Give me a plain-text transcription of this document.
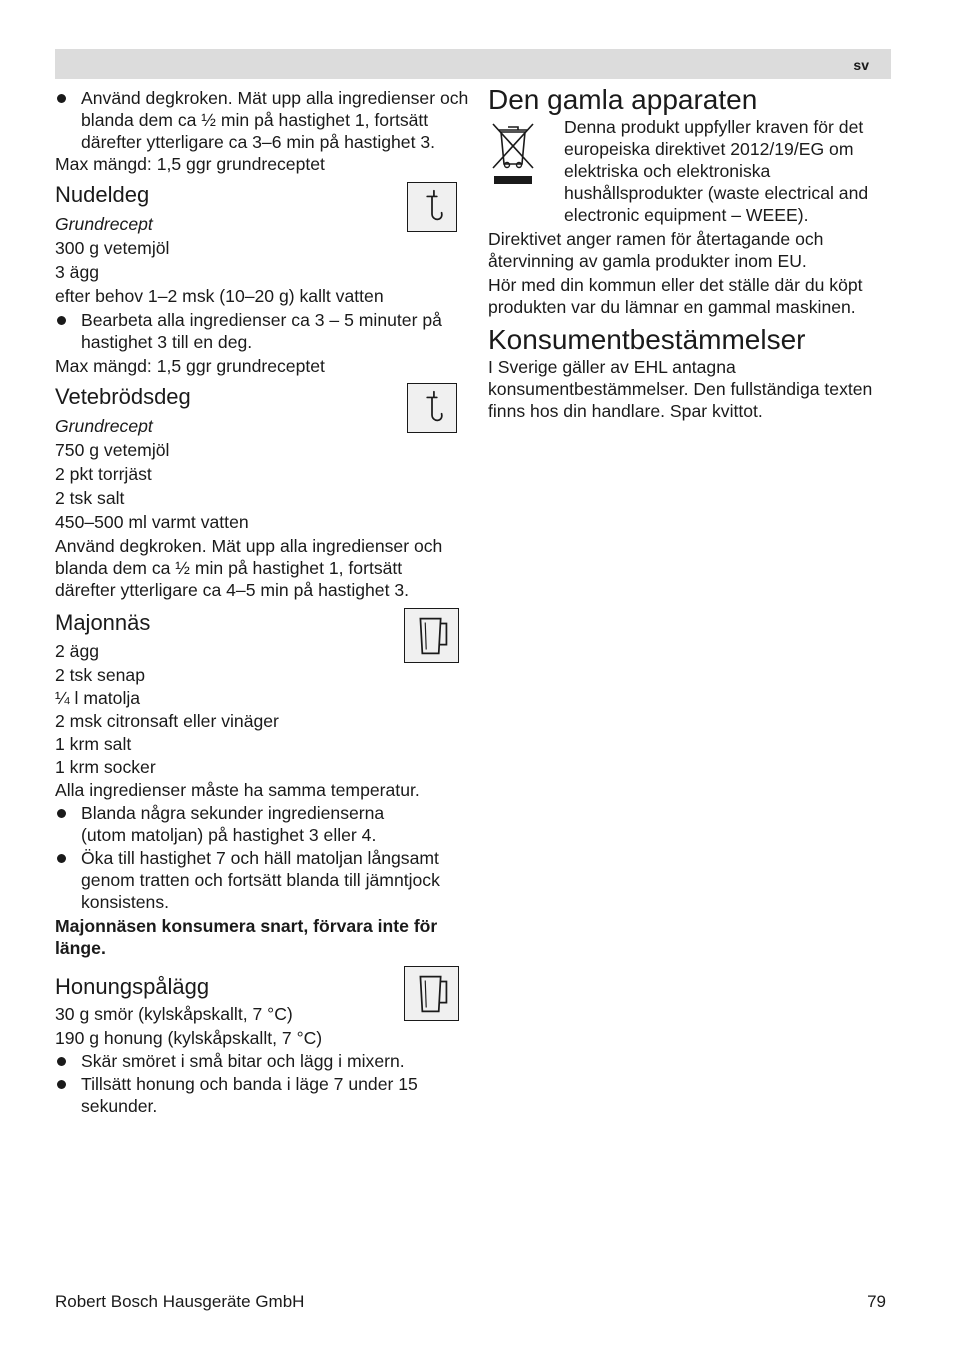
sv
Använd degkroken. Mät upp alla ingredienser och blanda dem ca ½ min på hastighet 1, fortsätt därefter ytterligare ca 3–6 min på hastighet 3.

Max mängd: 1,5 ggr grundreceptet

Nudeldeg

Grundrecept

300 g vetemjöl

3 ägg

efter behov 1–2 msk (10–20 g) kallt vatten

Bearbeta alla ingredienser ca 3 – 5 minuter på hastighet 3 till en deg.

Max mängd: 1,5 ggr grundreceptet

Vetebrödsdeg

Grundrecept

750 g vetemjöl

2 pkt torrjäst

2 tsk salt

450–500 ml varmt vatten

Använd degkroken. Mät upp alla ingredienser och blanda dem ca ½ min på hastighet 1, fortsätt därefter ytterligare ca 4–5 min på hastighet 3.

Majonnäs

2 ägg

2 tsk senap

¼ l matolja

2 msk citronsaft eller vinäger

1 krm salt

1 krm socker

Alla ingredienser måste ha samma temperatur.

Blanda några sekunder ingredienserna (utom matoljan) på hastighet 3 eller 4.
Öka till hastighet 7 och häll matoljan långsamt genom tratten och fortsätt blanda till jämntjock konsistens.

Majonnäsen konsumera snart, förvara inte för länge.

Honungspålägg

30 g smör (kylskåpskallt, 7 °C)

190 g honung (kylskåpskallt, 7 °C)

Skär smöret i små bitar och lägg i mixern.
Tillsätt honung och banda i läge 7 under 15 sekunder.
Den gamla apparaten

Denna produkt uppfyller kraven för det europeiska direktivet 2012/19/EG om elektriska och elektroniska hushållsprodukter (waste electrical and electronic equipment – WEEE).

Direktivet anger ramen för återtagande och återvinning av gamla produkter inom EU.

Hör med din kommun eller det ställe där du köpt produkten var du lämnar en gammal maskinen.

Konsumentbestämmelser

I Sverige gäller av EHL antagna konsumentbestämmelser. Den fullständiga texten finns hos din handlare. Spar kvittot.

Robert Bosch Hausgeräte GmbH	79
